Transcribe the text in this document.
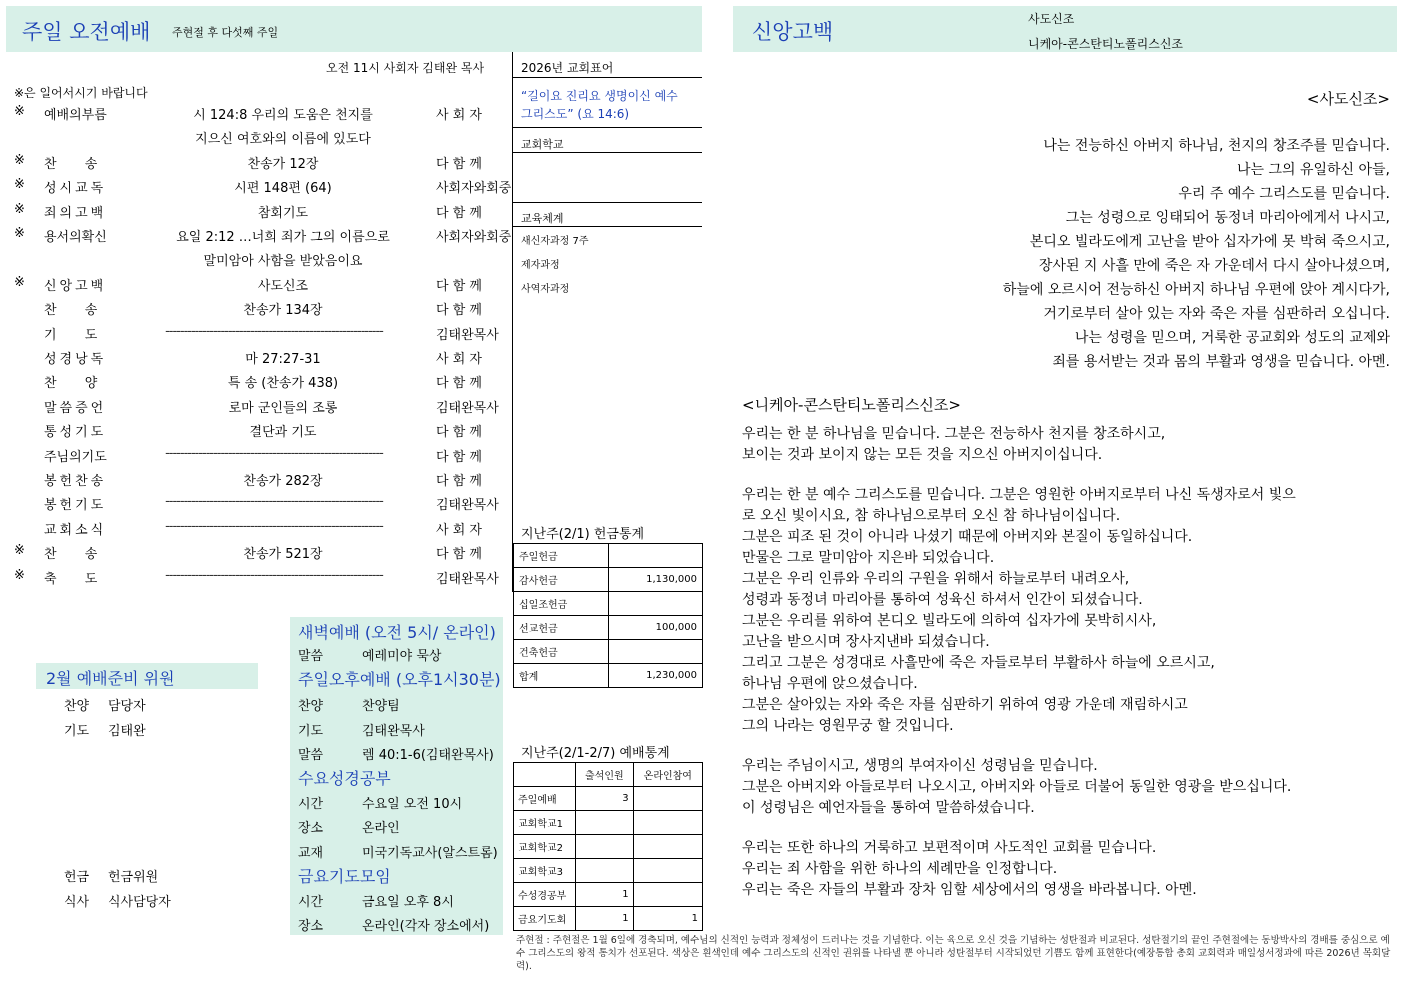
주일 오전예배 주현절 후 다섯째 주일
오전 11시 사회자 김태완 목사
※은 일어서시기 바랍니다
※ 예배의부름	시 124:8 우리의 도움은 천지를	사 회 자
지으신 여호와의 이름에 있도다
※ 찬 송	찬송가 12장	다 함 께
※ 성시교독	시편 148편 (64)	사회자와회중
※ 죄의고백	참회기도	다 함 께
※ 용서의확신	요일 2:12 …너희 죄가 그의 이름으로	사회자와회중
말미암아 사함을 받았음이요
※ 신앙고백	사도신조	다 함 께
찬 송	찬송가 134장	다 함 께
기 도	-----------------------------------------------------------	김태완목사
성경낭독	마 27:27-31	사 회 자
찬 양	특 송 (찬송가 438)	다 함 께
말씀증언	로마 군인들의 조롱	김태완목사
통성기도	결단과 기도	다 함 께
주님의기도	-----------------------------------------------------------	다 함 께
봉헌찬송	찬송가 282장	다 함 께
봉헌기도	-----------------------------------------------------------	김태완목사
교회소식	-----------------------------------------------------------	사 회 자
※ 찬 송	찬송가 521장	다 함 께
※ 축 도	-----------------------------------------------------------	김태완목사
2026년 교회표어
“길이요 진리요 생명이신 예수
그리스도” (요 14:6)
교회학교
교육체계
새신자과정 7주
제자과정
사역자과정
지난주(2/1) 헌금통계
주일헌금	
감사헌금	1,130,000
십일조헌금	
선교헌금	100,000
건축헌금	
합계	1,230,000
지난주(2/1-2/7) 예배통계
	출석인원	온라인참여
주일예배	3	
교회학교1		
교회학교2		
교회학교3		
수성경공부	1	
금요기도회	1	1
2월 예배준비 위원
찬양 담당자
기도 김태완
헌금 헌금위원
식사 식사담당자
새벽예배 (오전 5시/ 온라인)
말씀	예레미야 묵상
주일오후예배 (오후1시30분)
찬양	찬양팀
기도	김태완목사
말씀	렘 40:1-6(김태완목사)
수요성경공부
시간	수요일 오전 10시
장소	온라인
교재	미국기독교사(알스트롬)
금요기도모임
시간	금요일 오후 8시
장소	온라인(각자 장소에서)
신앙고백
사도신조
니케아-콘스탄티노폴리스신조
<사도신조>
나는 전능하신 아버지 하나님, 천지의 창조주를 믿습니다.
나는 그의 유일하신 아들,
우리 주 예수 그리스도를 믿습니다.
그는 성령으로 잉태되어 동정녀 마리아에게서 나시고,
본디오 빌라도에게 고난을 받아 십자가에 못 박혀 죽으시고,
장사된 지 사흘 만에 죽은 자 가운데서 다시 살아나셨으며,
하늘에 오르시어 전능하신 아버지 하나님 우편에 앉아 계시다가,
거기로부터 살아 있는 자와 죽은 자를 심판하러 오십니다.
나는 성령을 믿으며, 거룩한 공교회와 성도의 교제와
죄를 용서받는 것과 몸의 부활과 영생을 믿습니다. 아멘.
<니케아-콘스탄티노폴리스신조>

우리는 한 분 하나님을 믿습니다. 그분은 전능하사 천지를 창조하시고,

보이는 것과 보이지 않는 모든 것을 지으신 아버지이십니다.

우리는 한 분 예수 그리스도를 믿습니다. 그분은 영원한 아버지로부터 나신 독생자로서 빛으

로 오신 빛이시요, 참 하나님으로부터 오신 참 하나님이십니다.

그분은 피조 된 것이 아니라 나셨기 때문에 아버지와 본질이 동일하십니다.

만물은 그로 말미암아 지은바 되었습니다.

그분은 우리 인류와 우리의 구원을 위해서 하늘로부터 내려오사,

성령과 동정녀 마리아를 통하여 성육신 하셔서 인간이 되셨습니다.

그분은 우리를 위하여 본디오 빌라도에 의하여 십자가에 못박히시사,

고난을 받으시며 장사지낸바 되셨습니다.

그리고 그분은 성경대로 사흘만에 죽은 자들로부터 부활하사 하늘에 오르시고,

하나님 우편에 앉으셨습니다.

그분은 살아있는 자와 죽은 자를 심판하기 위하여 영광 가운데 재림하시고

그의 나라는 영원무궁 할 것입니다.

우리는 주님이시고, 생명의 부여자이신 성령님을 믿습니다.

그분은 아버지와 아들로부터 나오시고, 아버지와 아들로 더불어 동일한 영광을 받으십니다.

이 성령님은 예언자들을 통하여 말씀하셨습니다.

우리는 또한 하나의 거룩하고 보편적이며 사도적인 교회를 믿습니다.

우리는 죄 사함을 위한 하나의 세례만을 인정합니다.

우리는 죽은 자들의 부활과 장차 임할 세상에서의 영생을 바라봅니다. 아멘.

주현절 : 주현절은 1월 6일에 경축되며, 예수님의 신적인 능력과 정체성이 드러나는 것을 기념한다. 이는 육으로 오신 것을 기념하는 성탄절과 비교된다. 성탄절기의 끝인 주현절에는 동방박사의 경배를 중심으로 예수 그리스도의 왕적 통치가 선포된다. 색상은 흰색인데 예수 그리스도의 신적인 권위를 나타낼 뿐 아니라 성탄절부터 시작되었던 기쁨도 함께 표현한다(예장통합 총회 교회력과 매일성서정과에 따른 2026년 목회달력).
